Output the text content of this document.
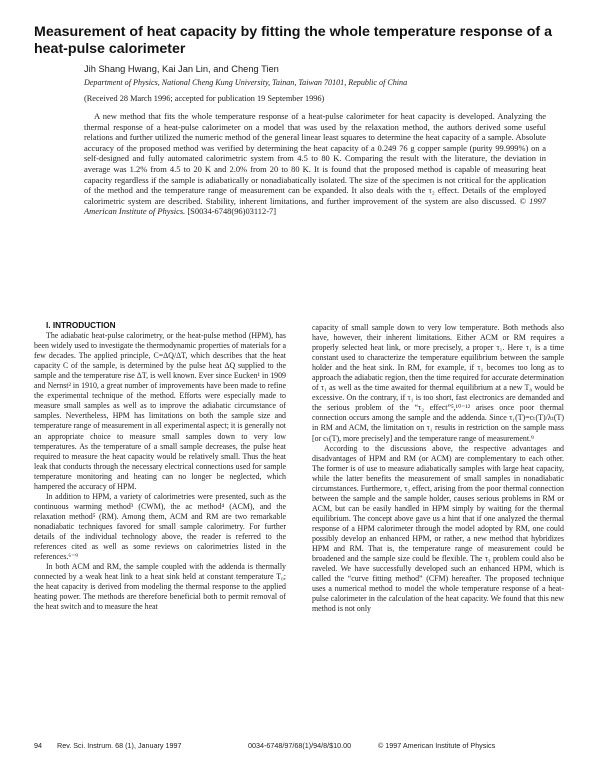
Measurement of heat capacity by fitting the whole temperature response of a heat-pulse calorimeter
Jih Shang Hwang, Kai Jan Lin, and Cheng Tien
Department of Physics, National Cheng Kung University, Tainan, Taiwan 70101, Republic of China
(Received 28 March 1996; accepted for publication 19 September 1996)
A new method that fits the whole temperature response of a heat-pulse calorimeter for heat capacity is developed. Analyzing the thermal response of a heat-pulse calorimeter on a model that was used by the relaxation method, the authors derived some useful relations and further utilized the numeric method of the general linear least squares to determine the heat capacity of a sample. Absolute accuracy of the proposed method was verified by determining the heat capacity of a 0.249 76 g copper sample (purity 99.999%) on a self-designed and fully automated calorimetric system from 4.5 to 80 K. Comparing the result with the literature, the deviation in average was 1.2% from 4.5 to 20 K and 2.0% from 20 to 80 K. It is found that the proposed method is capable of measuring heat capacity regardless if the sample is adiabatically or nonadiabatically isolated. The size of the specimen is not critical for the application of the method and the temperature range of measurement can be expanded. It also deals with the τ₂ effect. Details of the employed calorimetric system are described. Stability, inherent limitations, and further improvement of the system are also discussed. © 1997 American Institute of Physics. [S0034-6748(96)03112-7]

I. INTRODUCTION

The adiabatic heat-pulse calorimetry, or the heat-pulse method (HPM), has been widely used to investigate the thermodynamic properties of materials for a few decades. The applied principle, C=ΔQ/ΔT, which describes that the heat capacity C of the sample, is determined by the pulse heat ΔQ supplied to the sample and the temperature rise ΔT, is well known. Ever since Eucken¹ in 1909 and Nernst² in 1910, a great number of improvements have been made to refine the experimental technique of the method. Efforts were especially made to measure small samples as well as to improve the adiabatic circumstance of samples. Nevertheless, HPM has limitations on both the sample size and temperature range of measurement in all experimental aspect; it is generally not an appropriate choice to measure small samples down to very low temperatures. As the temperature of a small sample decreases, the pulse heat required to measure the heat capacity would be relatively small. Thus the heat leak that conducts through the necessary electrical connections used for sample temperature monitoring and heating can no longer be neglected, which hampered the accuracy of HPM.

In addition to HPM, a variety of calorimetries were presented, such as the continuous warming method³ (CWM), the ac method⁴ (ACM), and the relaxation method⁵ (RM). Among them, ACM and RM are two remarkable nonadiabatic techniques favored for small sample calorimetry. For further details of the individual technology above, the reader is referred to the references cited as well as some reviews on calorimetries listed in the references.⁶⁻⁹

In both ACM and RM, the sample coupled with the addenda is thermally connected by a weak heat link to a heat sink held at constant temperature T₀; the heat capacity is derived from modeling the thermal response to the applied heating power. The methods are therefore beneficial both to permit removal of the heat switch and to measure the heat

capacity of small sample down to very low temperature. Both methods also have, however, their inherent limitations. Either ACM or RM requires a properly selected heat link, or more precisely, a proper τ₁. Here τ₁ is a time constant used to characterize the temperature equilibrium between the sample holder and the heat sink. In RM, for example, if τ₁ becomes too long as to approach the adiabatic region, then the time required for accurate determination of τ₁ as well as the time awaited for thermal equilibrium at a new T₀ would be excessive. On the contrary, if τ₁ is too short, fast electronics are demanded and the serious problem of the “τ₂ effect”⁵,¹⁰⁻¹² arises once poor thermal connection occurs among the sample and the addenda. Since τ₁(T)=cₜ(T)/λₜ(T) in RM and ACM, the limitation on τ₁ results in restriction on the sample mass [or cₜ(T), more precisely] and the temperature range of measurement.⁹

According to the discussions above, the respective advantages and disadvantages of HPM and RM (or ACM) are complementary to each other. The former is of use to measure adiabatically samples with large heat capacity, while the latter benefits the measurement of small samples in nonadiabatic circumstances. Furthermore, τ₂ effect, arising from the poor thermal connection between the sample and the sample holder, causes serious problems in RM or ACM, but can be easily handled in HPM simply by waiting for the thermal equilibrium. The concept above gave us a hint that if one analyzed the thermal response of a HPM calorimeter through the model adopted by RM, one could possibly develop an enhanced HPM, or rather, a new method that hybridizes HPM and RM. That is, the temperature range of measurement could be broadened and the sample size could be flexible. The τ₂ problem could also be raveled. We have successfully developed such an enhanced HPM, which is called the “curve fitting method” (CFM) hereafter. The proposed technique uses a numerical method to model the whole temperature response of a heat-pulse calorimeter in the calculation of the heat capacity. We found that this new method is not only

94 Rev. Sci. Instrum. 68 (1), January 1997	0034-6748/97/68(1)/94/8/$10.00	© 1997 American Institute of Physics
